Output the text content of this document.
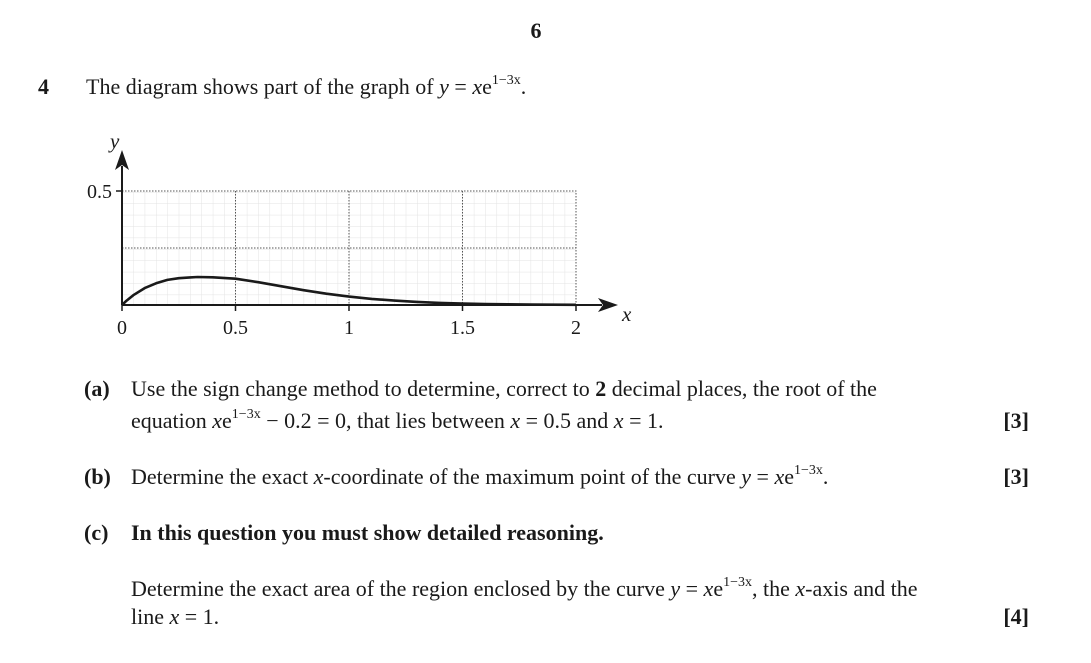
6
4 The diagram shows part of the graph of $y = xe^{1-3x}$.
0	0.5	1	1.5	2
0.5
x
y
(a) Use the sign change method to determine, correct to 2 decimal places, the root of the
equation $xe^{1-3x} - 0.2 = 0$, that lies between x = 0.5 and x = 1.	[3]
(b) Determine the exact x-coordinate of the maximum point of the curve $y = xe^{1-3x}$.	[3]
(c) In this question you must show detailed reasoning.
Determine the exact area of the region enclosed by the curve $y = xe^{1-3x}$, the x-axis and the
line x = 1.	[4]
